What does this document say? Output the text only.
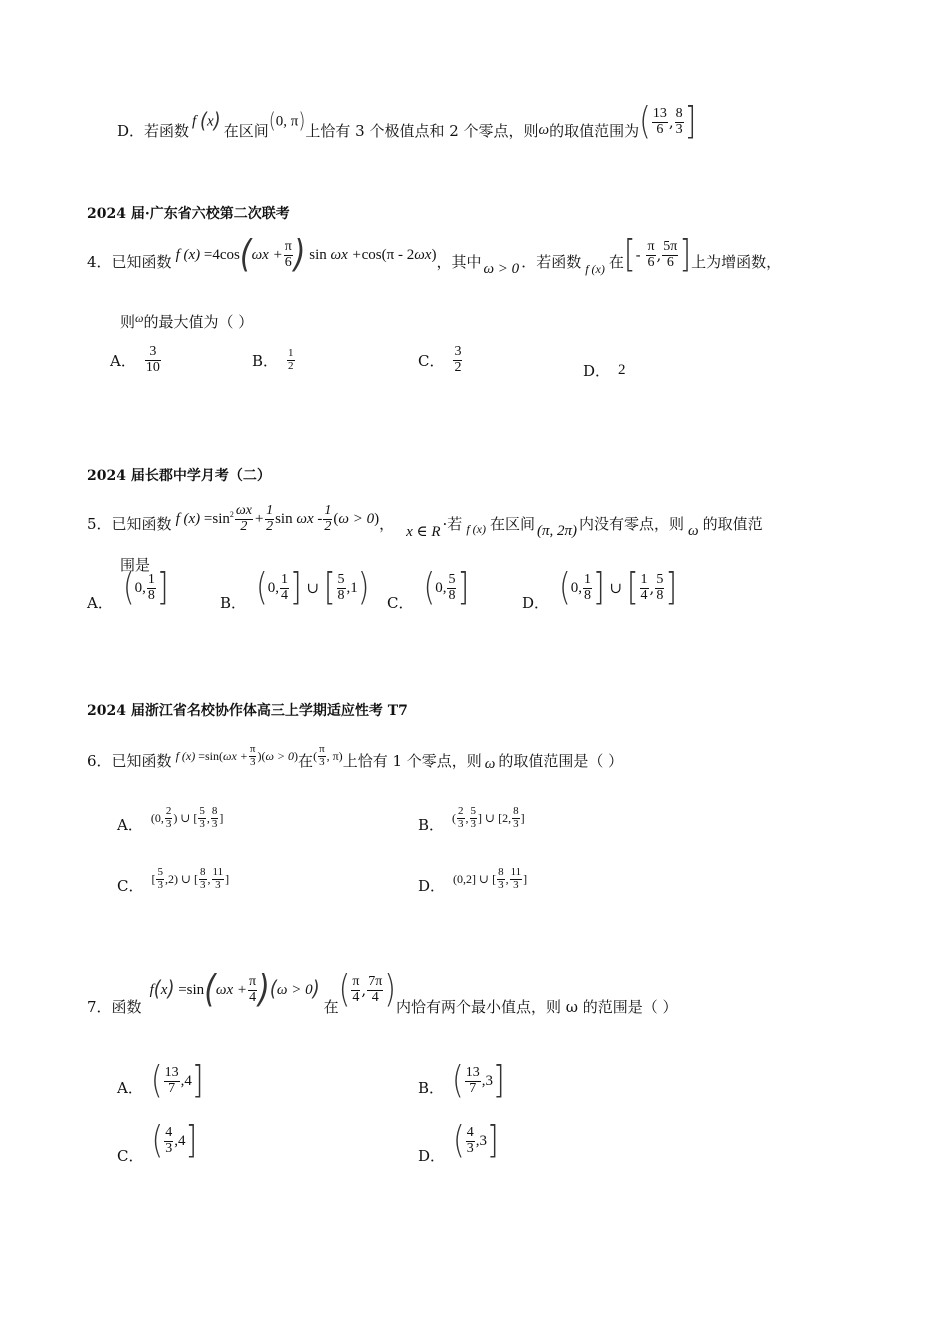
D． 若函数
f (x) 在区间 (0, π) 上恰有 3 个极值点和 2 个零点，则 ω 的取值范围为 ( $\frac{13}{6}$ , $\frac{8}{3}$ ]
2024 届·广东省六校第二次联考
4． 已知函数 f (x) =4cos ( $\omega x + \frac{\pi}{6}$ ) sin ωx + cos(π - 2 ωx ) ，其中 ω > 0 ．若函数 f (x) 在 [ - $\frac{\pi}{6}$ , $\frac{5\pi}{6}$ ] 上为增函数，
则 ω 的最大值为（ ）
A． $\frac{3}{10}$	B． $\frac{1}{2}$	C． $\frac{3}{2}$	D． 2
2024 届长郡中学月考（二）
5． 已知函数 f $(x) =\sin^2 \frac{\omega x}{2} + \frac{1}{2}$ sin ωx - $\frac{1}{2}$ ( ω > 0 ) ， x ∈ R ·若 f (x) 在区间 (π, 2π) 内没有零点，则 ω 的取值范
围是
A． ( 0, $\frac{1}{8}$ ]	B． ( 0, $\frac{1}{4}$ ] ∪ [ $\frac{5}{8} ,1$ ) C． ( 0, $\frac{5}{8}$ ]	D． ( 0, $\frac{1}{8}$ ] ∪ [ $\frac{1}{4}$ , $\frac{5}{8}$ ]
2024 届浙江省名校协作体高三上学期适应性考 T7
6． 已知函数 f (x) =sin( $\omega x + \frac{\pi}{3}$ )( ω > 0 ) 在 ( $\frac{\pi}{3}$ , π) 上恰有 1 个零点，则 ω 的取值范围是（ ）
A． (0, $\frac{2}{3}$ ) ∪ [ $\frac{5}{3}$ , $\frac{8}{3}$ ]	B． ( $\frac{2}{3}$ , $\frac{5}{3}$ ] ∪ [2, $\frac{8}{3}$ ]
C． [ $\frac{5}{3} ,2$) ∪ [ $\frac{8}{3}$ , $\frac{11}{3}$ ]	D． (0,2] ∪ [ $\frac{8}{3}$ , $\frac{11}{3}$ ]
7． 函数
f ( x ) =sin ( $\omega x + \frac{\pi}{4}$ ) ( ω > 0 )
在 ( $\frac{\pi}{4}$ , $\frac{7\pi}{4}$ ) 内恰有两个最小值点，则 ω 的范围是（ ）
A． ( $\frac{13}{7}$ , 4 ]	B． ( $\frac{13}{7}$ , 3 ]
C． ( $\frac{4}{3}$ , 4 ]	D． ( $\frac{4}{3}$ , 3 ]
